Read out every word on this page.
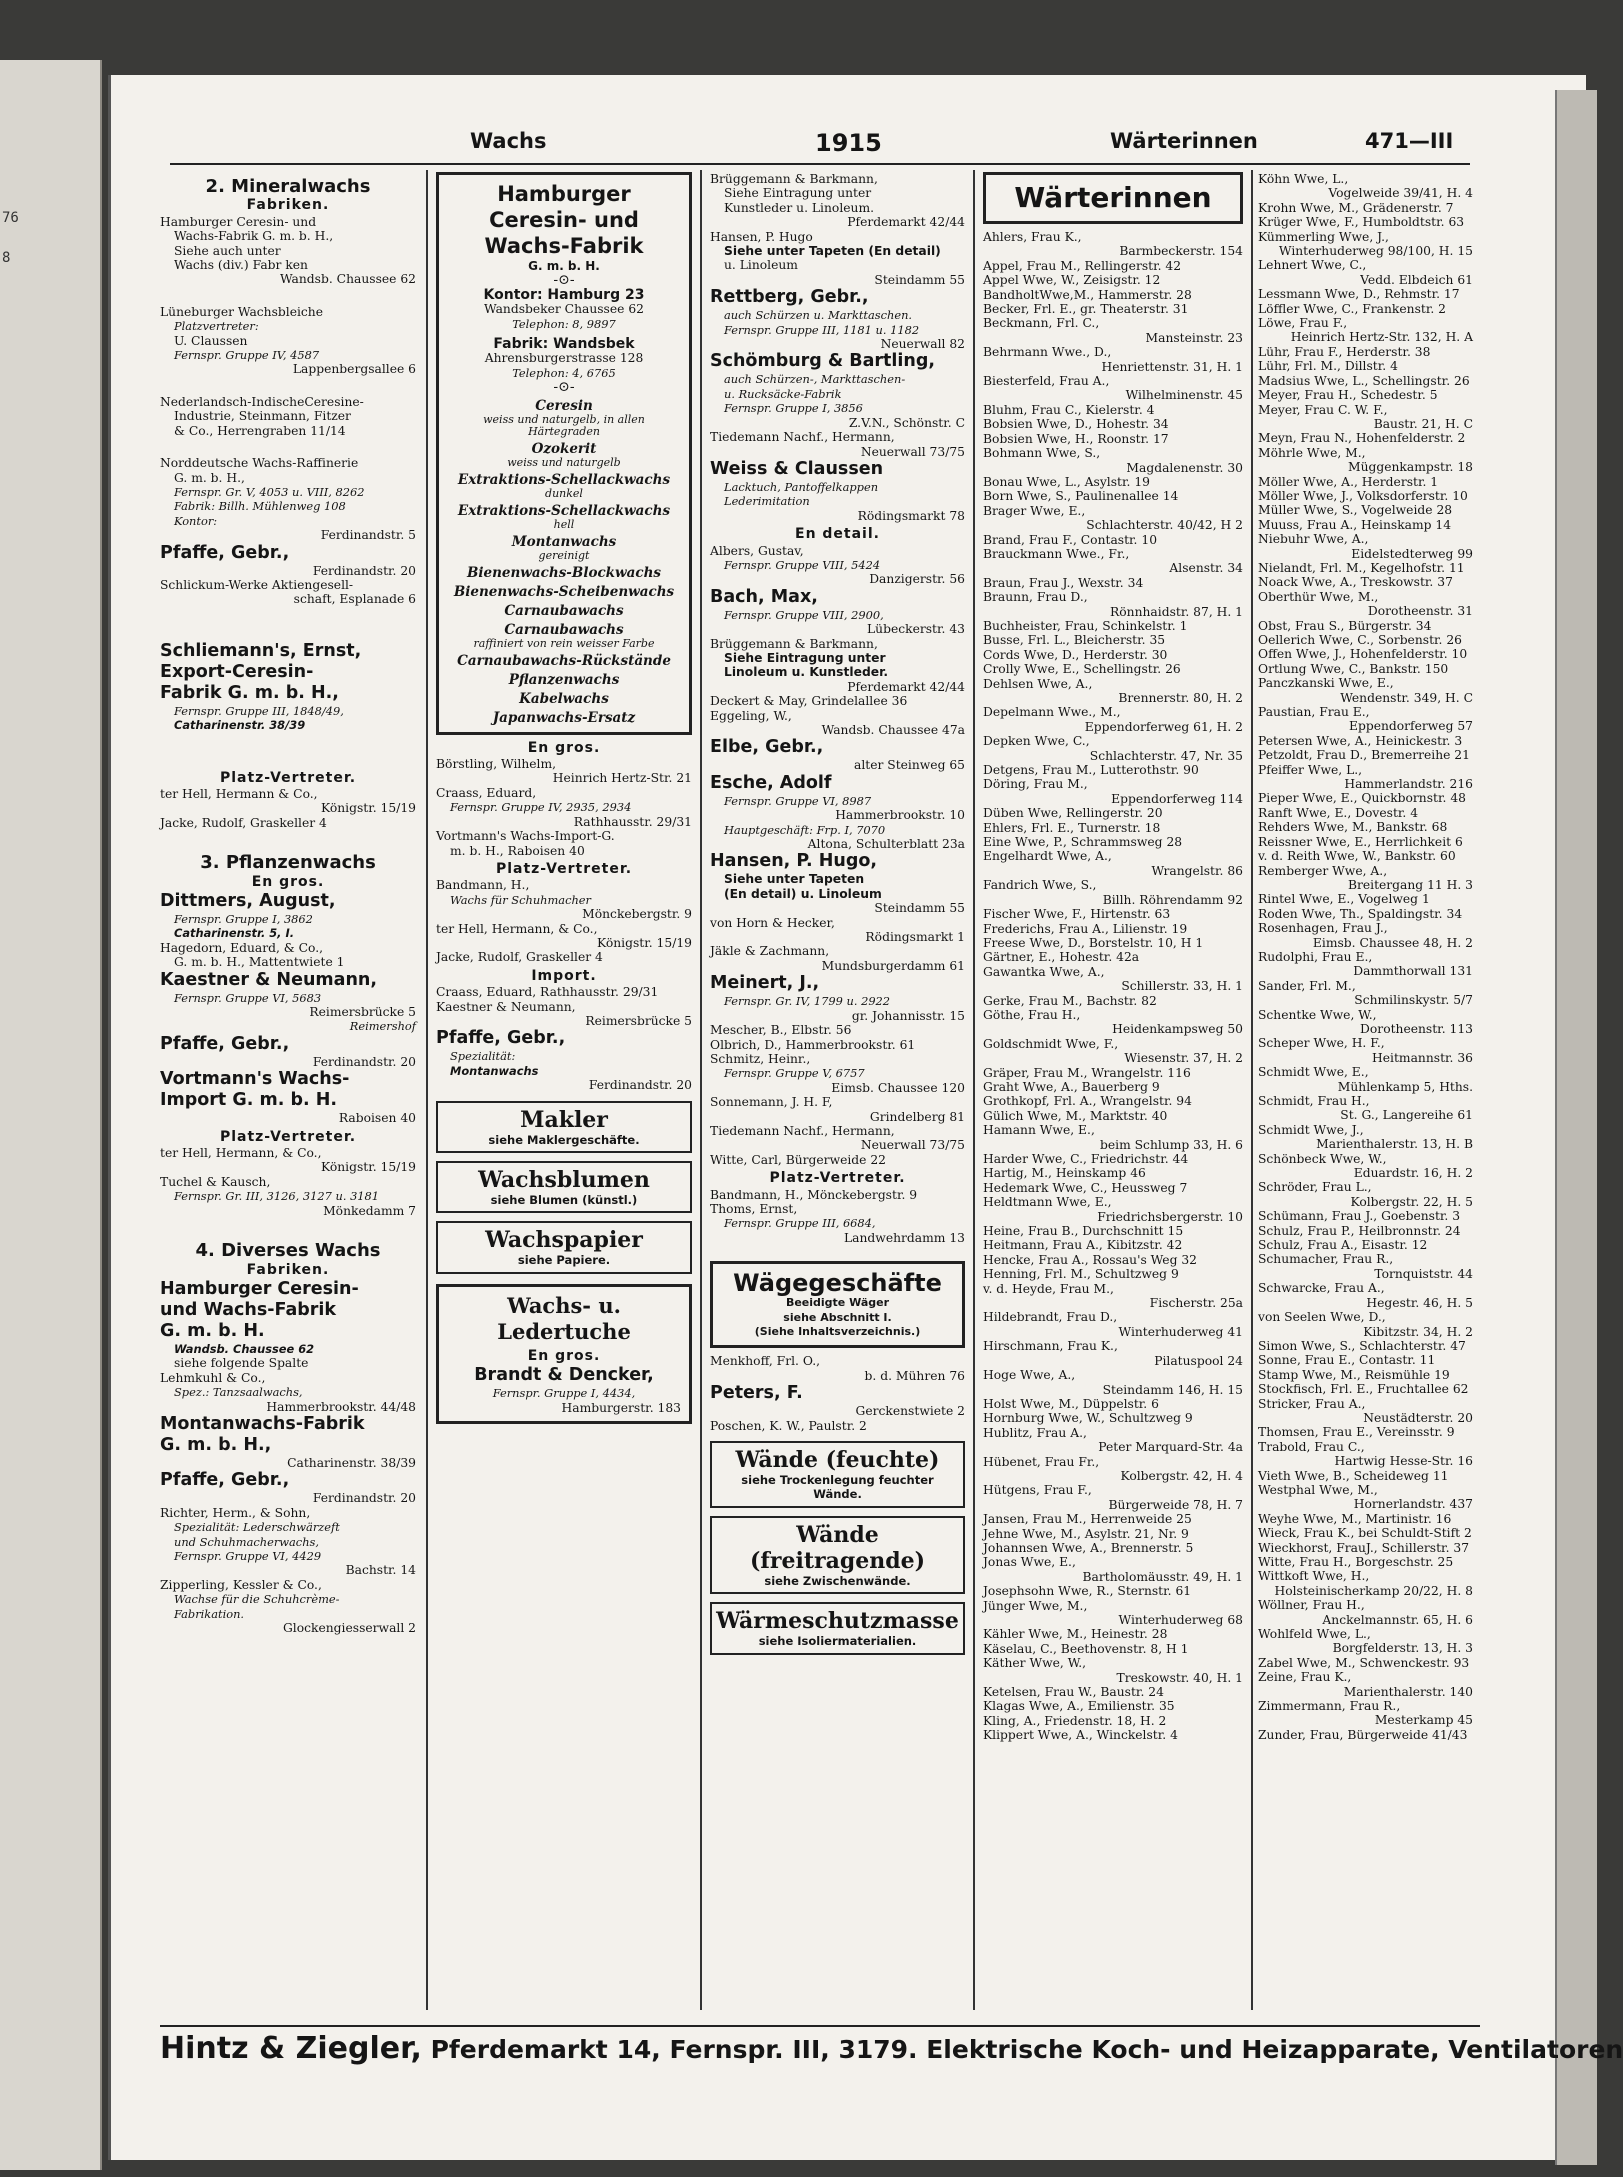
76
8
Wachs	1915	Wärterinnen	471—III
2. Mineralwachs
Fabriken.
Hamburger Ceresin- und
Wachs-Fabrik G. m. b. H.,
Siehe auch unter
Wachs (div.) Fabr ken
Wandsb. Chaussee 62
Lüneburger Wachsbleiche
Platzvertreter:
U. Claussen
Fernspr. Gruppe IV, 4587
Lappenbergsallee 6
Nederlandsch-IndischeCeresine-
Industrie, Steinmann, Fitzer
& Co., Herrengraben 11/14
Norddeutsche Wachs-Raffinerie
G. m. b. H.,
Fernspr. Gr. V, 4053 u. VIII, 8262
Fabrik: Billh. Mühlenweg 108
Kontor:
Ferdinandstr. 5
Pfaffe, Gebr.,
Ferdinandstr. 20
Schlickum-Werke Aktiengesell-
schaft, Esplanade 6
Schliemann's, Ernst,
Export-Ceresin-
Fabrik G. m. b. H.,
Fernspr. Gruppe III, 1848/49,
Catharinenstr. 38/39
Platz-Vertreter.
ter Hell, Hermann & Co.,
Königstr. 15/19
Jacke, Rudolf, Graskeller 4
3. Pflanzenwachs
En gros.
Dittmers, August,
Fernspr. Gruppe I, 3862
Catharinenstr. 5, I.
Hagedorn, Eduard, & Co.,
G. m. b. H., Mattentwiete 1
Kaestner & Neumann,
Fernspr. Gruppe VI, 5683
Reimersbrücke 5
Reimershof
Pfaffe, Gebr.,
Ferdinandstr. 20
Vortmann's Wachs-
Import G. m. b. H.
Raboisen 40
Platz-Vertreter.
ter Hell, Hermann, & Co.,
Königstr. 15/19
Tuchel & Kausch,
Fernspr. Gr. III, 3126, 3127 u. 3181
Mönkedamm 7
4. Diverses Wachs
Fabriken.
Hamburger Ceresin-
und Wachs-Fabrik
G. m. b. H.
Wandsb. Chaussee 62
siehe folgende Spalte
Lehmkuhl & Co.,
Spez.: Tanzsaalwachs,
Hammerbrookstr. 44/48
Montanwachs-Fabrik
G. m. b. H.,
Catharinenstr. 38/39
Pfaffe, Gebr.,
Ferdinandstr. 20
Richter, Herm., & Sohn,
Spezialität: Lederschwärzeft
und Schuhmacherwachs,
Fernspr. Gruppe VI, 4429
Bachstr. 14
Zipperling, Kessler & Co.,
Wachse für die Schuhcrème-
Fabrikation.
Glockengiesserwall 2
Hamburger Ceresin- und Wachs-Fabrik
G. m. b. H.
-⊙-
Kontor: Hamburg 23
Wandsbeker Chaussee 62
Telephon: 8, 9897
Fabrik: Wandsbek
Ahrensburgerstrasse 128
Telephon: 4, 6765
-⊙-
Ceresin
weiss und naturgelb, in allen Härtegraden
Ozokerit
weiss und naturgelb
Extraktions-Schellackwachs
dunkel
Extraktions-Schellackwachs
hell
Montanwachs
gereinigt
Bienenwachs-Blockwachs
Bienenwachs-Scheibenwachs
Carnaubawachs
Carnaubawachs
raffiniert von rein weisser Farbe
Carnaubawachs-Rückstände
Pflanzenwachs
Kabelwachs
Japanwachs-Ersatz
En gros.
Börstling, Wilhelm,
Heinrich Hertz-Str. 21
Craass, Eduard,
Fernspr. Gruppe IV, 2935, 2934
Rathhausstr. 29/31
Vortmann's Wachs-Import-G.
m. b. H., Raboisen 40
Platz-Vertreter.
Bandmann, H.,
Wachs für Schuhmacher
Mönckebergstr. 9
ter Hell, Hermann, & Co.,
Königstr. 15/19
Jacke, Rudolf, Graskeller 4
Import.
Craass, Eduard, Rathhausstr. 29/31
Kaestner & Neumann,
Reimersbrücke 5
Pfaffe, Gebr.,
Spezialität:
Montanwachs
Ferdinandstr. 20
Makler
siehe Maklergeschäfte.
Wachsblumen
siehe Blumen (künstl.)
Wachspapier
siehe Papiere.
Wachs- u. Ledertuche
En gros.
Brandt & Dencker,
Fernspr. Gruppe I, 4434,
Hamburgerstr. 183
Brüggemann & Barkmann,
Siehe Eintragung unter
Kunstleder u. Linoleum.
Pferdemarkt 42/44
Hansen, P. Hugo
Siehe unter Tapeten (En detail)
u. Linoleum
Steindamm 55
Rettberg, Gebr.,
auch Schürzen u. Markttaschen.
Fernspr. Gruppe III, 1181 u. 1182
Neuerwall 82
Schömburg & Bartling,
auch Schürzen-, Markttaschen-
u. Rucksäcke-Fabrik
Fernspr. Gruppe I, 3856
Z.V.N., Schönstr. C
Tiedemann Nachf., Hermann,
Neuerwall 73/75
Weiss & Claussen
Lacktuch, Pantoffelkappen
Lederimitation
Rödingsmarkt 78
En detail.
Albers, Gustav,
Fernspr. Gruppe VIII, 5424
Danzigerstr. 56
Bach, Max,
Fernspr. Gruppe VIII, 2900,
Lübeckerstr. 43
Brüggemann & Barkmann,
Siehe Eintragung unter
Linoleum u. Kunstleder.
Pferdemarkt 42/44
Deckert & May, Grindelallee 36
Eggeling, W.,
Wandsb. Chaussee 47a
Elbe, Gebr.,
alter Steinweg 65
Esche, Adolf
Fernspr. Gruppe VI, 8987
Hammerbrookstr. 10
Hauptgeschäft: Frp. I, 7070
Altona, Schulterblatt 23a
Hansen, P. Hugo,
Siehe unter Tapeten
(En detail) u. Linoleum
Steindamm 55
von Horn & Hecker,
Rödingsmarkt 1
Jäkle & Zachmann,
Mundsburgerdamm 61
Meinert, J.,
Fernspr. Gr. IV, 1799 u. 2922
gr. Johannisstr. 15
Mescher, B., Elbstr. 56
Olbrich, D., Hammerbrookstr. 61
Schmitz, Heinr.,
Fernspr. Gruppe V, 6757
Eimsb. Chaussee 120
Sonnemann, J. H. F,
Grindelberg 81
Tiedemann Nachf., Hermann,
Neuerwall 73/75
Witte, Carl, Bürgerweide 22
Platz-Vertreter.
Bandmann, H., Mönckebergstr. 9
Thoms, Ernst,
Fernspr. Gruppe III, 6684,
Landwehrdamm 13
Wägegeschäfte
Beeidigte Wäger
siehe Abschnitt I.
(Siehe Inhaltsverzeichnis.)
Menkhoff, Frl. O.,
b. d. Mühren 76
Peters, F.
Gerckenstwiete 2
Poschen, K. W., Paulstr. 2
Wände (feuchte)
siehe Trockenlegung feuchter Wände.
Wände (freitragende)
siehe Zwischenwände.
Wärmeschutzmasse
siehe Isoliermaterialien.
Wärterinnen
Ahlers, Frau K.,
Barmbeckerstr. 154
Appel, Frau M., Rellingerstr. 42
Appel Wwe, W., Zeisigstr. 12
BandholtWwe,M., Hammerstr. 28
Becker, Frl. E., gr. Theaterstr. 31
Beckmann, Frl. C.,
Mansteinstr. 23
Behrmann Wwe., D.,
Henriettenstr. 31, H. 1
Biesterfeld, Frau A.,
Wilhelminenstr. 45
Bluhm, Frau C., Kielerstr. 4
Bobsien Wwe, D., Hohestr. 34
Bobsien Wwe, H., Roonstr. 17
Bohmann Wwe, S.,
Magdalenenstr. 30
Bonau Wwe, L., Asylstr. 19
Born Wwe, S., Paulinenallee 14
Brager Wwe, E.,
Schlachterstr. 40/42, H 2
Brand, Frau F., Contastr. 10
Brauckmann Wwe., Fr.,
Alsenstr. 34
Braun, Frau J., Wexstr. 34
Braunn, Frau D.,
Rönnhaidstr. 87, H. 1
Buchheister, Frau, Schinkelstr. 1
Busse, Frl. L., Bleicherstr. 35
Cords Wwe, D., Herderstr. 30
Crolly Wwe, E., Schellingstr. 26
Dehlsen Wwe, A.,
Brennerstr. 80, H. 2
Depelmann Wwe., M.,
Eppendorferweg 61, H. 2
Depken Wwe, C.,
Schlachterstr. 47, Nr. 35
Detgens, Frau M., Lutterothstr. 90
Döring, Frau M.,
Eppendorferweg 114
Düben Wwe, Rellingerstr. 20
Ehlers, Frl. E., Turnerstr. 18
Eine Wwe, P., Schrammsweg 28
Engelhardt Wwe, A.,
Wrangelstr. 86
Fandrich Wwe, S.,
Billh. Röhrendamm 92
Fischer Wwe, F., Hirtenstr. 63
Frederichs, Frau A., Lilienstr. 19
Freese Wwe, D., Borstelstr. 10, H 1
Gärtner, E., Hohestr. 42a
Gawantka Wwe, A.,
Schillerstr. 33, H. 1
Gerke, Frau M., Bachstr. 82
Göthe, Frau H.,
Heidenkampsweg 50
Goldschmidt Wwe, F.,
Wiesenstr. 37, H. 2
Gräper, Frau M., Wrangelstr. 116
Graht Wwe, A., Bauerberg 9
Grothkopf, Frl. A., Wrangelstr. 94
Gülich Wwe, M., Marktstr. 40
Hamann Wwe, E.,
beim Schlump 33, H. 6
Harder Wwe, C., Friedrichstr. 44
Hartig, M., Heinskamp 46
Hedemark Wwe, C., Heussweg 7
Heldtmann Wwe, E.,
Friedrichsbergerstr. 10
Heine, Frau B., Durchschnitt 15
Heitmann, Frau A., Kibitzstr. 42
Hencke, Frau A., Rossau's Weg 32
Henning, Frl. M., Schultzweg 9
v. d. Heyde, Frau M.,
Fischerstr. 25a
Hildebrandt, Frau D.,
Winterhuderweg 41
Hirschmann, Frau K.,
Pilatuspool 24
Hoge Wwe, A.,
Steindamm 146, H. 15
Holst Wwe, M., Düppelstr. 6
Hornburg Wwe, W., Schultzweg 9
Hublitz, Frau A.,
Peter Marquard-Str. 4a
Hübenet, Frau Fr.,
Kolbergstr. 42, H. 4
Hütgens, Frau F.,
Bürgerweide 78, H. 7
Jansen, Frau M., Herrenweide 25
Jehne Wwe, M., Asylstr. 21, Nr. 9
Johannsen Wwe, A., Brennerstr. 5
Jonas Wwe, E.,
Bartholomäusstr. 49, H. 1
Josephsohn Wwe, R., Sternstr. 61
Jünger Wwe, M.,
Winterhuderweg 68
Kähler Wwe, M., Heinestr. 28
Käselau, C., Beethovenstr. 8, H 1
Käther Wwe, W.,
Treskowstr. 40, H. 1
Ketelsen, Frau W., Baustr. 24
Klagas Wwe, A., Emilienstr. 35
Kling, A., Friedenstr. 18, H. 2
Klippert Wwe, A., Winckelstr. 4
Köhn Wwe, L.,
Vogelweide 39/41, H. 4
Krohn Wwe, M., Grädenerstr. 7
Krüger Wwe, F., Humboldtstr. 63
Kümmerling Wwe, J.,
Winterhuderweg 98/100, H. 15
Lehnert Wwe, C.,
Vedd. Elbdeich 61
Lessmann Wwe, D., Rehmstr. 17
Löffler Wwe, C., Frankenstr. 2
Löwe, Frau F.,
Heinrich Hertz-Str. 132, H. A
Lühr, Frau F., Herderstr. 38
Lühr, Frl. M., Dillstr. 4
Madsius Wwe, L., Schellingstr. 26
Meyer, Frau H., Schedestr. 5
Meyer, Frau C. W. F.,
Baustr. 21, H. C
Meyn, Frau N., Hohenfelderstr. 2
Möhrle Wwe, M.,
Müggenkampstr. 18
Möller Wwe, A., Herderstr. 1
Möller Wwe, J., Volksdorferstr. 10
Müller Wwe, S., Vogelweide 28
Muuss, Frau A., Heinskamp 14
Niebuhr Wwe, A.,
Eidelstedterweg 99
Nielandt, Frl. M., Kegelhofstr. 11
Noack Wwe, A., Treskowstr. 37
Oberthür Wwe, M.,
Dorotheenstr. 31
Obst, Frau S., Bürgerstr. 34
Oellerich Wwe, C., Sorbenstr. 26
Offen Wwe, J., Hohenfelderstr. 10
Ortlung Wwe, C., Bankstr. 150
Panczkanski Wwe, E.,
Wendenstr. 349, H. C
Paustian, Frau E.,
Eppendorferweg 57
Petersen Wwe, A., Heinickestr. 3
Petzoldt, Frau D., Bremerreihe 21
Pfeiffer Wwe, L.,
Hammerlandstr. 216
Pieper Wwe, E., Quickbornstr. 48
Ranft Wwe, E., Dovestr. 4
Rehders Wwe, M., Bankstr. 68
Reissner Wwe, E., Herrlichkeit 6
v. d. Reith Wwe, W., Bankstr. 60
Remberger Wwe, A.,
Breitergang 11 H. 3
Rintel Wwe, E., Vogelweg 1
Roden Wwe, Th., Spaldingstr. 34
Rosenhagen, Frau J.,
Eimsb. Chaussee 48, H. 2
Rudolphi, Frau E.,
Dammthorwall 131
Sander, Frl. M.,
Schmilinskystr. 5/7
Schentke Wwe, W.,
Dorotheenstr. 113
Scheper Wwe, H. F.,
Heitmannstr. 36
Schmidt Wwe, E.,
Mühlenkamp 5, Hths.
Schmidt, Frau H.,
St. G., Langereihe 61
Schmidt Wwe, J.,
Marienthalerstr. 13, H. B
Schönbeck Wwe, W.,
Eduardstr. 16, H. 2
Schröder, Frau L.,
Kolbergstr. 22, H. 5
Schümann, Frau J., Goebenstr. 3
Schulz, Frau P., Heilbronnstr. 24
Schulz, Frau A., Eisastr. 12
Schumacher, Frau R.,
Tornquiststr. 44
Schwarcke, Frau A.,
Hegestr. 46, H. 5
von Seelen Wwe, D.,
Kibitzstr. 34, H. 2
Simon Wwe, S., Schlachterstr. 47
Sonne, Frau E., Contastr. 11
Stamp Wwe, M., Reismühle 19
Stockfisch, Frl. E., Fruchtallee 62
Stricker, Frau A.,
Neustädterstr. 20
Thomsen, Frau E., Vereinsstr. 9
Trabold, Frau C.,
Hartwig Hesse-Str. 16
Vieth Wwe, B., Scheideweg 11
Westphal Wwe, M.,
Hornerlandstr. 437
Weyhe Wwe, M., Martinistr. 16
Wieck, Frau K., bei Schuldt-Stift 2
Wieckhorst, FrauJ., Schillerstr. 37
Witte, Frau H., Borgeschstr. 25
Wittkoft Wwe, H.,
Holsteinischerkamp 20/22, H. 8
Wöllner, Frau H.,
Anckelmannstr. 65, H. 6
Wohlfeld Wwe, L.,
Borgfelderstr. 13, H. 3
Zabel Wwe, M., Schwenckestr. 93
Zeine, Frau K.,
Marienthalerstr. 140
Zimmermann, Frau R.,
Mesterkamp 45
Zunder, Frau, Bürgerweide 41/43
Hintz & Ziegler, Pferdemarkt 14, Fernspr. III, 3179. Elektrische Koch- und Heizapparate, Ventilatoren
